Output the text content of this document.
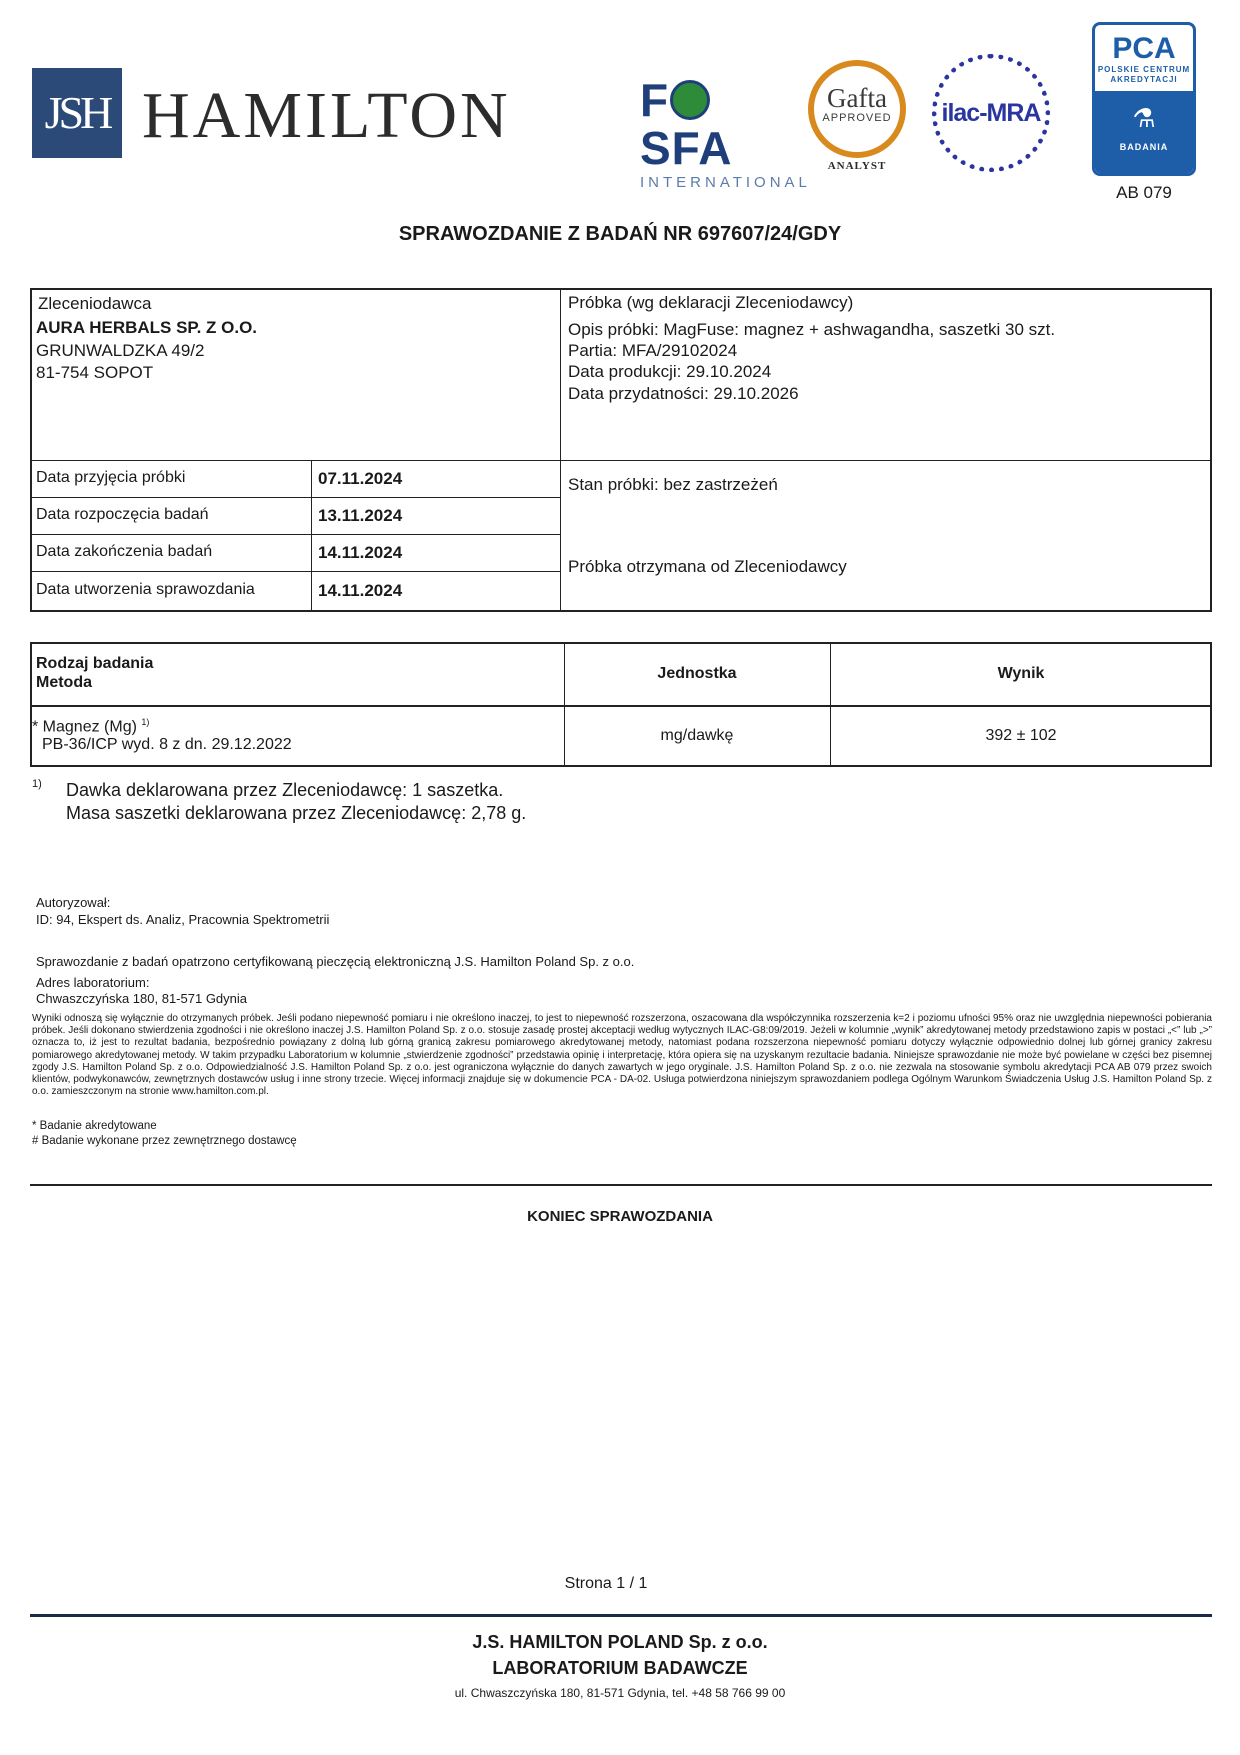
JSH HAMILTON	FSFA
INTERNATIONAL
Gafta
APPROVED
ANALYST
ilac-MRA
PCA
POLSKIE CENTRUM
AKREDYTACJI
⚗
BADANIA
AB 079
SPRAWOZDANIE Z BADAŃ NR 697607/24/GDY
Zleceniodawca
AURA HERBALS SP. Z O.O.
GRUNWALDZKA 49/2
81-754 SOPOT
Próbka (wg deklaracji Zleceniodawcy)
Opis próbki: MagFuse: magnez + ashwagandha, saszetki 30 szt.
Partia: MFA/29102024
Data produkcji: 29.10.2024
Data przydatności: 29.10.2026
Data przyjęcia próbki	07.11.2024
Data rozpoczęcia badań	13.11.2024
Data zakończenia badań	14.11.2024
Data utworzenia sprawozdania	14.11.2024
Stan próbki: bez zastrzeżeń
Próbka otrzymana od Zleceniodawcy
Rodzaj badania
Metoda
Jednostka	Wynik
* Magnez (Mg) $^{1)}$
PB-36/ICP wyd. 8 z dn. 29.12.2022
mg/dawkę	392 ± 102
1) Dawka deklarowana przez Zleceniodawcę: 1 saszetka.
Masa saszetki deklarowana przez Zleceniodawcę: 2,78 g.
Autoryzował:
ID: 94, Ekspert ds. Analiz, Pracownia Spektrometrii
Sprawozdanie z badań opatrzono certyfikowaną pieczęcią elektroniczną J.S. Hamilton Poland Sp. z o.o.
Adres laboratorium:
Chwaszczyńska 180, 81-571 Gdynia
Wyniki odnoszą się wyłącznie do otrzymanych próbek. Jeśli podano niepewność pomiaru i nie określono inaczej, to jest to niepewność rozszerzona, oszacowana dla współczynnika rozszerzenia k=2 i poziomu ufności 95% oraz nie uwzględnia niepewności pobierania próbek. Jeśli dokonano stwierdzenia zgodności i nie określono inaczej J.S. Hamilton Poland Sp. z o.o. stosuje zasadę prostej akceptacji według wytycznych ILAC-G8:09/2019. Jeżeli w kolumnie „wynik” akredytowanej metody przedstawiono zapis w postaci „<” lub „>” oznacza to, iż jest to rezultat badania, bezpośrednio powiązany z dolną lub górną granicą zakresu pomiarowego akredytowanej metody, natomiast podana rozszerzona niepewność pomiaru dotyczy wyłącznie odpowiednio dolnej lub górnej granicy zakresu pomiarowego akredytowanej metody. W takim przypadku Laboratorium w kolumnie „stwierdzenie zgodności” przedstawia opinię i interpretację, która opiera się na uzyskanym rezultacie badania. Niniejsze sprawozdanie nie może być powielane w części bez pisemnej zgody J.S. Hamilton Poland Sp. z o.o. Odpowiedzialność J.S. Hamilton Poland Sp. z o.o. jest ograniczona wyłącznie do danych zawartych w jego oryginale. J.S. Hamilton Poland Sp. z o.o. nie zezwala na stosowanie symbolu akredytacji PCA AB 079 przez swoich klientów, podwykonawców, zewnętrznych dostawców usług i inne strony trzecie. Więcej informacji znajduje się w dokumencie PCA - DA-02. Usługa potwierdzona niniejszym sprawozdaniem podlega Ogólnym Warunkom Świadczenia Usług J.S. Hamilton Poland Sp. z o.o. zamieszczonym na stronie www.hamilton.com.pl.
* Badanie akredytowane
# Badanie wykonane przez zewnętrznego dostawcę
KONIEC SPRAWOZDANIA
Strona 1 / 1
J.S. HAMILTON POLAND Sp. z o.o.
LABORATORIUM BADAWCZE
ul. Chwaszczyńska 180, 81-571 Gdynia, tel. +48 58 766 99 00
